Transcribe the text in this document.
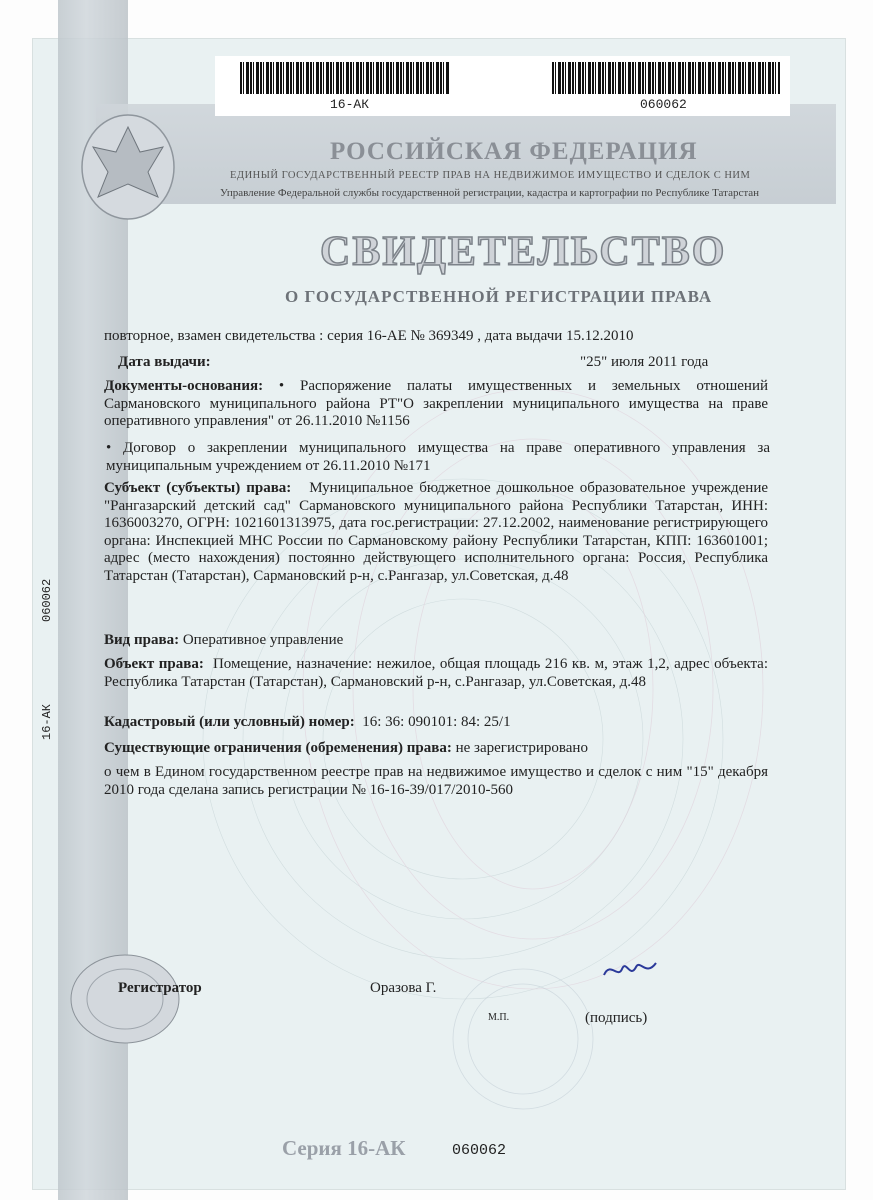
16-АК	060062
РОССИЙСКАЯ ФЕДЕРАЦИЯ
ЕДИНЫЙ ГОСУДАРСТВЕННЫЙ РЕЕСТР ПРАВ НА НЕДВИЖИМОЕ ИМУЩЕСТВО И СДЕЛОК С НИМ
Управление Федеральной службы государственной регистрации, кадастра и картографии по Республике Татарстан
СВИДЕТЕЛЬСТВО
О ГОСУДАРСТВЕННОЙ РЕГИСТРАЦИИ ПРАВА
повторное, взамен свидетельства : серия 16-АЕ № 369349 , дата выдачи 15.12.2010
Дата выдачи:	"25" июля 2011 года
Документы-основания: • Распоряжение палаты имущественных и земельных отношений Сармановского муниципального района РТ"О закреплении муниципального имущества на праве оперативного управления" от 26.11.2010 №1156
• Договор о закреплении муниципального имущества на праве оперативного управления за муниципальным учреждением от 26.11.2010 №171
Субъект (субъекты) права: Муниципальное бюджетное дошкольное образовательное учреждение "Рангазарский детский сад" Сармановского муниципального района Республики Татарстан, ИНН: 1636003270, ОГРН: 1021601313975, дата гос.регистрации: 27.12.2002, наименование регистрирующего органа: Инспекцией МНС России по Сармановскому району Республики Татарстан, КПП: 163601001; адрес (место нахождения) постоянно действующего исполнительного органа: Россия, Республика Татарстан (Татарстан), Сармановский р-н, с.Рангазар, ул.Советская, д.48
Вид права: Оперативное управление
Объект права: Помещение, назначение: нежилое, общая площадь 216 кв. м, этаж 1,2, адрес объекта: Республика Татарстан (Татарстан), Сармановский р-н, с.Рангазар, ул.Советская, д.48
Кадастровый (или условный) номер: 16: 36: 090101: 84: 25/1
Существующие ограничения (обременения) права: не зарегистрировано
о чем в Едином государственном реестре прав на недвижимое имущество и сделок с ним "15" декабря 2010 года сделана запись регистрации № 16-16-39/017/2010-560
Регистратор	Оразова Г.
М.П.	(подпись)
Серия 16-АК	060062
16-АК
060062
